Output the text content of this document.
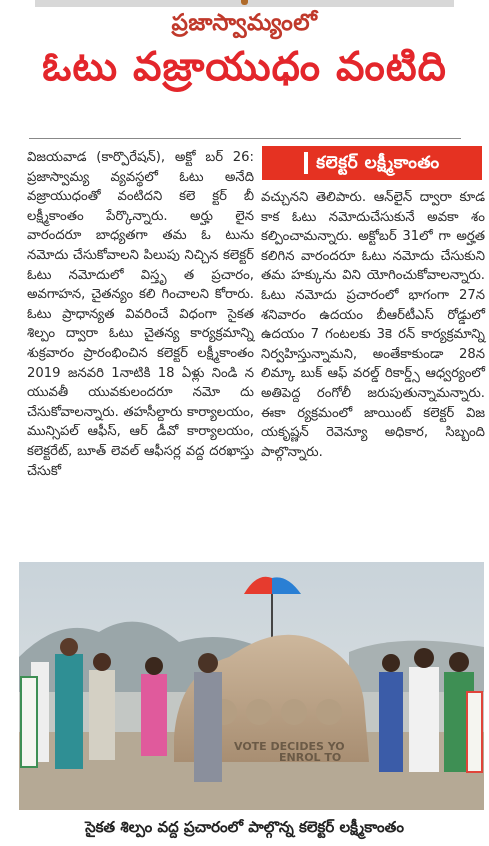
ప్రజాస్వామ్యంలో
ఓటు వజ్రాయుధం వంటిది

విజయవాడ (కార్పొరేషన్), అక్టో బర్ 26: ప్రజాస్వామ్య వ్యవస్థలో ఓటు అనేది వజ్రాయుధంతో వంటిదని కలె క్టర్ బీ లక్ష్మీకాంతం పేర్కొన్నారు. అర్హు లైన వారందరూ బాధ్యతగా తమ ఓ టును నమోదు చేసుకోవాలని పిలుపు నిచ్చిన కలెక్టర్ ఓటు నమోదులో విస్తృ త ప్రచారం, అవగాహన, చైతన్యం కలి గించాలని కోరారు. ఓటు ప్రాధాన్యత వివరించే విధంగా సైకత శిల్పం ద్వారా ఓటు చైతన్య కార్యక్రమాన్ని శుక్రవారం ప్రారంభించిన కలెక్టర్ లక్ష్మీకాంతం 2019 జనవరి 1నాటికి 18 ఏళ్లు నిండి న యువతీ యువకులందరూ నమో దు చేసుకోవాలన్నారు. తహసీల్దారు కార్యాలయం, మున్సిపల్ ఆఫీస్, ఆర్ డీవో కార్యాలయం, కలెక్టరేట్, బూత్ లెవల్ ఆఫీసర్ల వద్ద దరఖాస్తు చేసుకో

కలెక్టర్ లక్ష్మీకాంతం

వచ్చునని తెలిపారు. ఆన్‌లైన్ ద్వారా కూడ కాక ఓటు నమోదుచేసుకునే అవకా శం కల్పించామన్నారు. అక్టోబర్ 31లో గా అర్హత కలిగిన వారందరూ ఓటు నమోదు చేసుకుని తమ హక్కును విని యోగించుకోవాలన్నారు. ఓటు నమోదు ప్రచారంలో భాగంగా 27న శనివారం ఉదయం బీఆర్‌టీఎస్ రోడ్డులో ఉదయం 7 గంటలకు 3కె రన్ కార్యక్రమాన్ని నిర్వహిస్తున్నామని, అంతేకాకుండా 28న లిమ్కా బుక్ ఆఫ్ వరల్డ్ రికార్డ్స్ ఆధ్వర్యంలో అతిపెద్ద రంగోలీ జరుపుతున్నామన్నారు. ఈకా ర్యక్రమంలో జాయింట్ కలెక్టర్ విజ యకృష్ణన్ రెవెన్యూ అధికార, సిబ్బంది పాల్గొన్నారు.

VOTE DECIDES YO
ENROL TO
సైకత శిల్పం వద్ద ప్రచారంలో పాల్గొన్న కలెక్టర్ లక్ష్మీకాంతం
